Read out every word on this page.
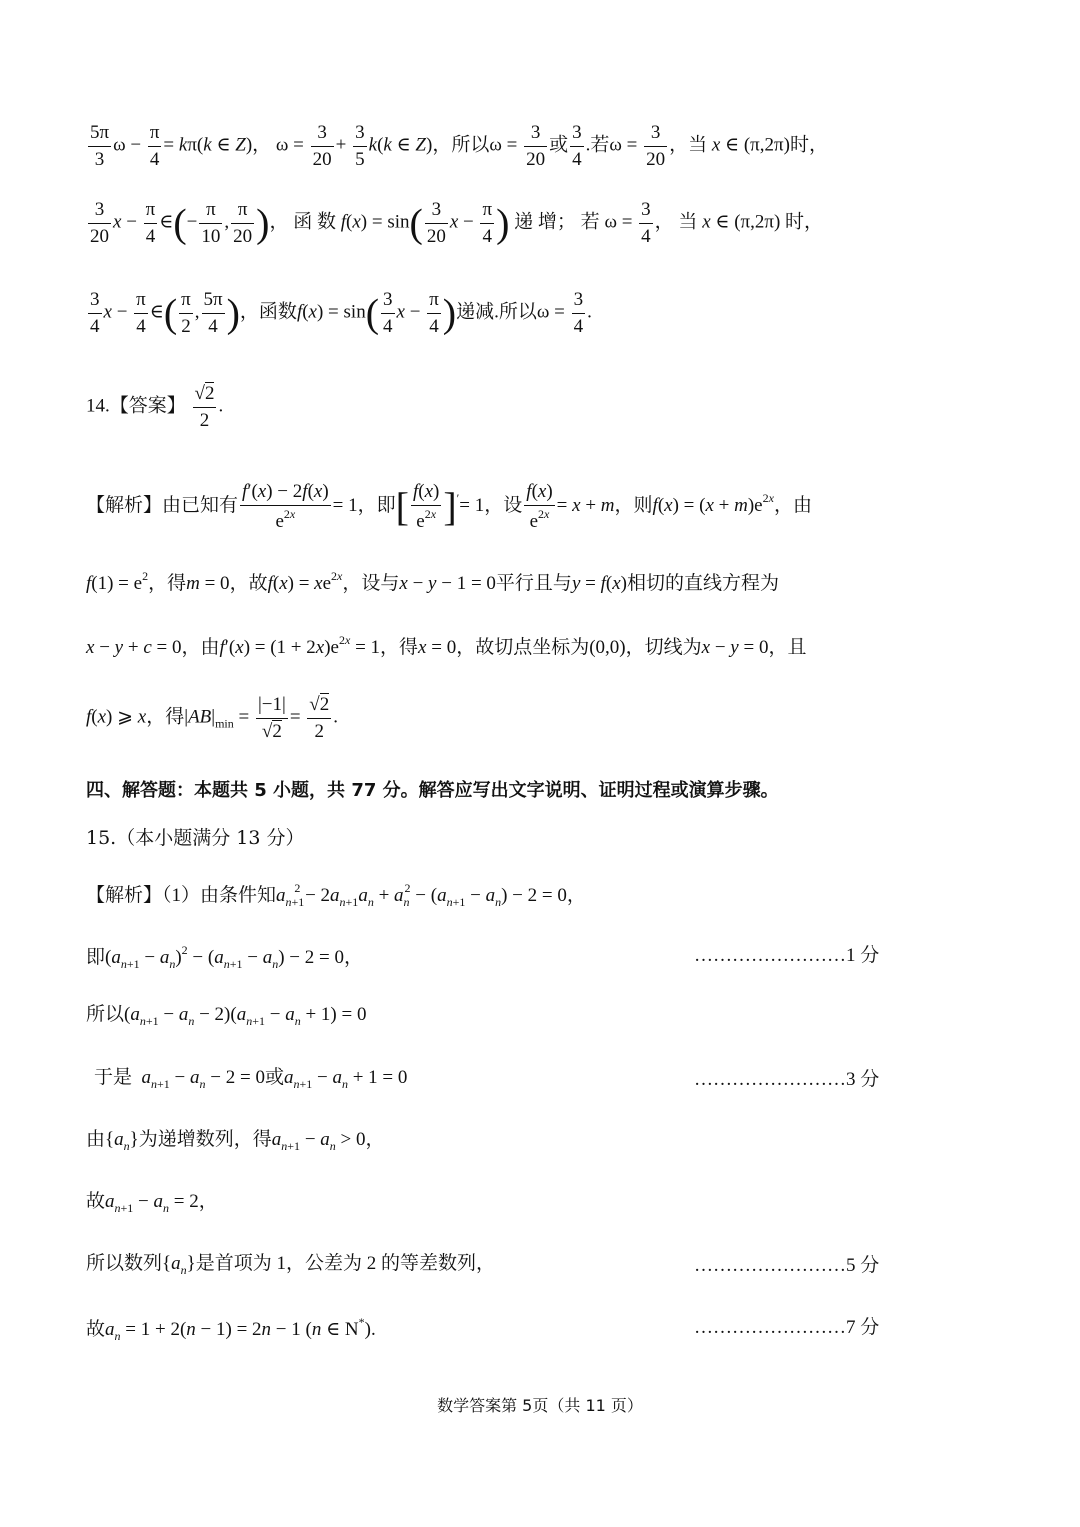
$\frac{5\pi}{3}$ $\omega - \frac{\pi}{4} = k\pi(k$ ∈ Z)， $\omega = \frac{3}{20} + \frac{3}{5} k(k$ ∈ Z)，所以$\omega = \frac{3}{20}$ 或 $\frac{3}{4}$ .若$\omega = \frac{3}{20}$ ，当 x ∈ (π,2π)时，
$\frac{3}{20}$ $x - \frac{\pi}{4}$ ∈(− $\frac{\pi}{10}$ , $\frac{\pi}{20}$ )， 函 数 $f(x) = \sin( \frac{3}{20}$ $x - \frac{\pi}{4}$ ) 递 增； 若 $\omega = \frac{3}{4}$ ， 当 x ∈ (π,2π) 时，
$\frac{3}{4}$ $x - \frac{\pi}{4}$ ∈( $\frac{\pi}{2}$ , $\frac{5\pi}{4}$ )，函数$f(x) = \sin( \frac{3}{4}$ $x - \frac{\pi}{4}$ )递减.所以$\omega = \frac{3}{4}$ .
14.【答案】 $\frac{√2}{2}$ .
【解析】由已知有 $\frac{f'(x) - 2f(x)}{e^{2x}} = 1$，即[ $\frac{f(x)}{e^{2x}} ]'= 1$，设 $\frac{f(x)}{e^{2x}} = x + m$，则$f(x) = (x + m)e^{2x}$，由
$f(1) = e^2$，得m = 0，故$f(x) = xe^{2x}$，设与x − y − 1 = 0平行且与y = f(x)相切的直线方程为
x − y + c = 0，由$f'(x) = (1 + 2x)e^{2x} = 1$，得x = 0，故切点坐标为(0,0)，切线为x − y = 0，且
f(x) ⩾ x，得$|AB|_{min} = \frac{|-1|}{√2} = \frac{√2}{2}$ .
四、解答题：本题共 5 小题，共 77 分。解答应写出文字说明、证明过程或演算步骤。
15.（本小题满分 13 分）
【解析】（1）由条件知$a_{n+1}^2 - 2a_{n+1}a_n + a_n^2 - (a_{n+1} - a_n) - 2 = 0$，
即$(a_{n+1} - a_n)^2 - (a_{n+1} - a_n) - 2 = 0$，	……………………1 分
所以$(a_{n+1} - a_n - 2)(a_{n+1} - a_n + 1) = 0$
于是 $a_{n+1} - a_n - 2 = 0$或$a_{n+1} - a_n + 1 = 0$	……………………3 分
由$\{a_n\}$为递增数列，得$a_{n+1} - a_n > 0$，
故$a_{n+1} - a_n = 2$，
所以数列$\{a_n\}$是首项为 1，公差为 2 的等差数列，	……………………5 分
故$a_n = 1 + 2(n - 1) = 2n - 1$ (n ∈ N*).	……………………7 分
数学答案第 5页（共 11 页）
